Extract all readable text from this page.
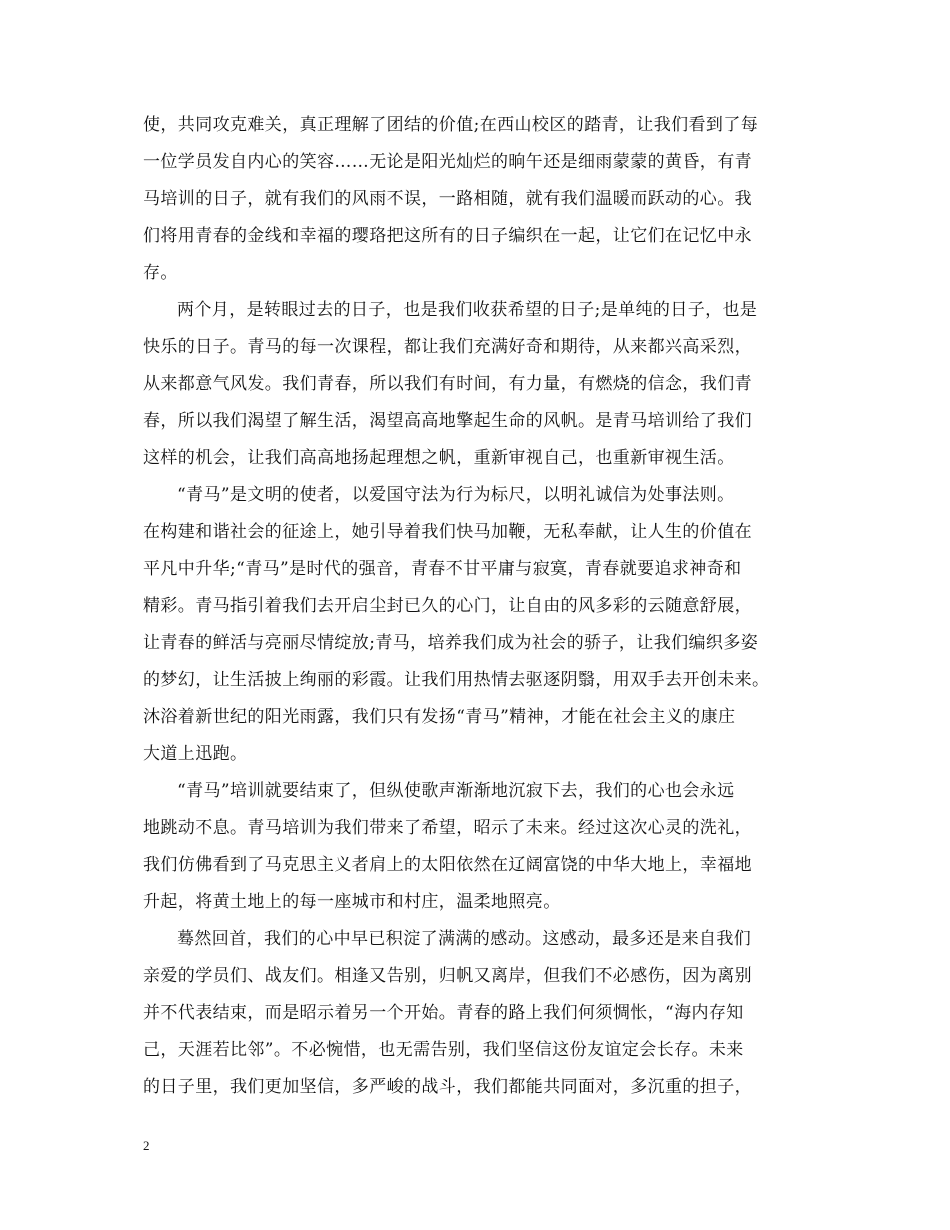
使，共同攻克难关，真正理解了团结的价值;在西山校区的踏青，让我们看到了每
一位学员发自内心的笑容……无论是阳光灿烂的晌午还是细雨蒙蒙的黄昏，有青
马培训的日子，就有我们的风雨不误，一路相随，就有我们温暖而跃动的心。我
们将用青春的金线和幸福的璎珞把这所有的日子编织在一起，让它们在记忆中永
存。
两个月，是转眼过去的日子，也是我们收获希望的日子;是单纯的日子，也是
快乐的日子。青马的每一次课程，都让我们充满好奇和期待，从来都兴高采烈，
从来都意气风发。我们青春，所以我们有时间，有力量，有燃烧的信念，我们青
春，所以我们渴望了解生活，渴望高高地擎起生命的风帆。是青马培训给了我们
这样的机会，让我们高高地扬起理想之帆，重新审视自己，也重新审视生活。
“青马”是文明的使者，以爱国守法为行为标尺，以明礼诚信为处事法则。
在构建和谐社会的征途上，她引导着我们快马加鞭，无私奉献，让人生的价值在
平凡中升华;“青马”是时代的强音，青春不甘平庸与寂寞，青春就要追求神奇和
精彩。青马指引着我们去开启尘封已久的心门，让自由的风多彩的云随意舒展，
让青春的鲜活与亮丽尽情绽放;青马，培养我们成为社会的骄子，让我们编织多姿
的梦幻，让生活披上绚丽的彩霞。让我们用热情去驱逐阴翳，用双手去开创未来。
沐浴着新世纪的阳光雨露，我们只有发扬“青马”精神，才能在社会主义的康庄
大道上迅跑。
“青马”培训就要结束了，但纵使歌声渐渐地沉寂下去，我们的心也会永远
地跳动不息。青马培训为我们带来了希望，昭示了未来。经过这次心灵的洗礼，
我们仿佛看到了马克思主义者肩上的太阳依然在辽阔富饶的中华大地上，幸福地
升起，将黄土地上的每一座城市和村庄，温柔地照亮。
蓦然回首，我们的心中早已积淀了满满的感动。这感动，最多还是来自我们
亲爱的学员们、战友们。相逢又告别，归帆又离岸，但我们不必感伤，因为离别
并不代表结束，而是昭示着另一个开始。青春的路上我们何须惆怅，“海内存知
己，天涯若比邻”。不必惋惜，也无需告别，我们坚信这份友谊定会长存。未来
的日子里，我们更加坚信，多严峻的战斗，我们都能共同面对，多沉重的担子，
2
